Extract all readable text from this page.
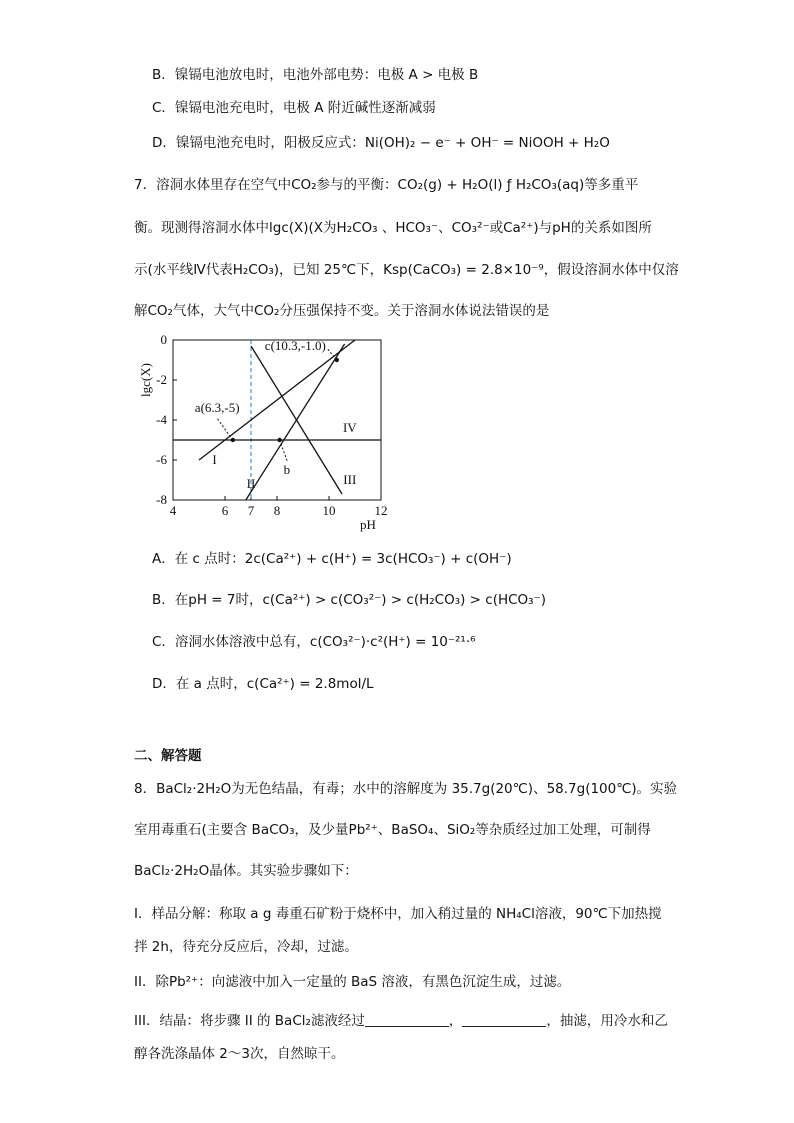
B．镍镉电池放电时，电池外部电势：电极 A > 电极 B
C．镍镉电池充电时，电极 A 附近碱性逐渐减弱
D．镍镉电池充电时，阳极反应式：Ni(OH)₂ − e⁻ + OH⁻ = NiOOH + H₂O
7．溶洞水体里存在空气中CO₂参与的平衡：CO₂(g) + H₂O(l) ƒ H₂CO₃(aq)等多重平
衡。现测得溶洞水体中lgc(X)(X为H₂CO₃ 、HCO₃⁻、CO₃²⁻或Ca²⁺)与pH的关系如图所
示(水平线Ⅳ代表H₂CO₃)，已知 25℃下，Ksp(CaCO₃) = 2.8×10⁻⁹，假设溶洞水体中仅溶
解CO₂气体，大气中CO₂分压强保持不变。关于溶洞水体说法错误的是
4	6 7 8	10	12
0
-2
-4
-6
-8
pH
lgc(X)
a(6.3,-5)
b
c(10.3,-1.0)
I
II	III
IV
A．在 c 点时：2c(Ca²⁺) + c(H⁺) = 3c(HCO₃⁻) + c(OH⁻)
B．在pH = 7时，c(Ca²⁺) > c(CO₃²⁻) > c(H₂CO₃) > c(HCO₃⁻)
C．溶洞水体溶液中总有，c(CO₃²⁻)·c²(H⁺) = 10⁻²¹·⁶
D．在 a 点时，c(Ca²⁺) = 2.8mol/L
二、解答题
8．BaCl₂·2H₂O为无色结晶，有毒；水中的溶解度为 35.7g(20℃)、58.7g(100℃)。实验
室用毒重石(主要含 BaCO₃，及少量Pb²⁺、BaSO₄、SiO₂等杂质经过加工处理，可制得
BaCl₂·2H₂O晶体。其实验步骤如下：
I．样品分解：称取 a g 毒重石矿粉于烧杯中，加入稍过量的 NH₄Cl溶液，90℃下加热搅
拌 2h，待充分反应后，冷却，过滤。
II．除Pb²⁺：向滤液中加入一定量的 BaS 溶液，有黑色沉淀生成，过滤。
III．结晶：将步骤 II 的 BaCl₂滤液经过	，	，抽滤，用冷水和乙
醇各洗涤晶体 2～3次，自然晾干。
